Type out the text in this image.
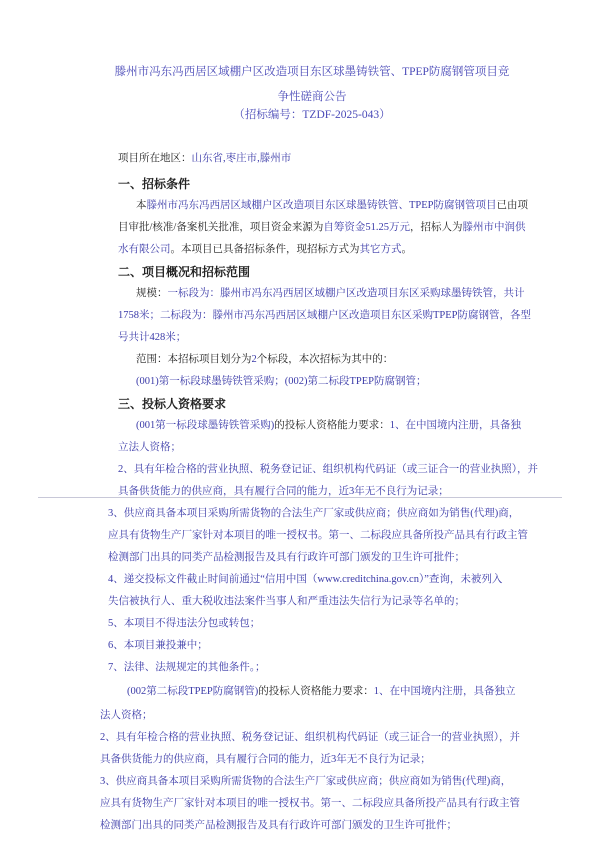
滕州市冯东冯西居区域棚户区改造项目东区球墨铸铁管、TPEP防腐钢管项目竞
争性磋商公告
（招标编号：TZDF-2025-043）
项目所在地区：山东省,枣庄市,滕州市
一、招标条件
本滕州市冯东冯西居区域棚户区改造项目东区球墨铸铁管、TPEP防腐钢管项目已由项
目审批/核准/备案机关批准，项目资金来源为自筹资金51.25万元，招标人为滕州市中润供
水有限公司。本项目已具备招标条件，现招标方式为其它方式。
二、项目概况和招标范围
规模：一标段为：滕州市冯东冯西居区域棚户区改造项目东区采购球墨铸铁管，共计
1758米；二标段为：滕州市冯东冯西居区域棚户区改造项目东区采购TPEP防腐钢管，各型
号共计428米；
范围：本招标项目划分为2个标段，本次招标为其中的：
(001)第一标段球墨铸铁管采购；(002)第二标段TPEP防腐钢管；
三、投标人资格要求
(001第一标段球墨铸铁管采购)的投标人资格能力要求：1、在中国境内注册，具备独
立法人资格；
2、具有年检合格的营业执照、税务登记证、组织机构代码证（或三证合一的营业执照），并
具备供货能力的供应商，具有履行合同的能力，近3年无不良行为记录；
3、供应商具备本项目采购所需货物的合法生产厂家或供应商；供应商如为销售(代理)商，
应具有货物生产厂家针对本项目的唯一授权书。第一、二标段应具备所投产品具有行政主管
检测部门出具的同类产品检测报告及具有行政许可部门颁发的卫生许可批件；
4、递交投标文件截止时间前通过“信用中国（www.creditchina.gov.cn）”查询，未被列入
失信被执行人、重大税收违法案件当事人和严重违法失信行为记录等名单的；
5、本项目不得违法分包或转包；
6、本项目兼投兼中；
7、法律、法规规定的其他条件。；
(002第二标段TPEP防腐钢管)的投标人资格能力要求：1、在中国境内注册，具备独立
法人资格；
2、具有年检合格的营业执照、税务登记证、组织机构代码证（或三证合一的营业执照），并
具备供货能力的供应商，具有履行合同的能力，近3年无不良行为记录；
3、供应商具备本项目采购所需货物的合法生产厂家或供应商；供应商如为销售(代理)商，
应具有货物生产厂家针对本项目的唯一授权书。第一、二标段应具备所投产品具有行政主管
检测部门出具的同类产品检测报告及具有行政许可部门颁发的卫生许可批件；
